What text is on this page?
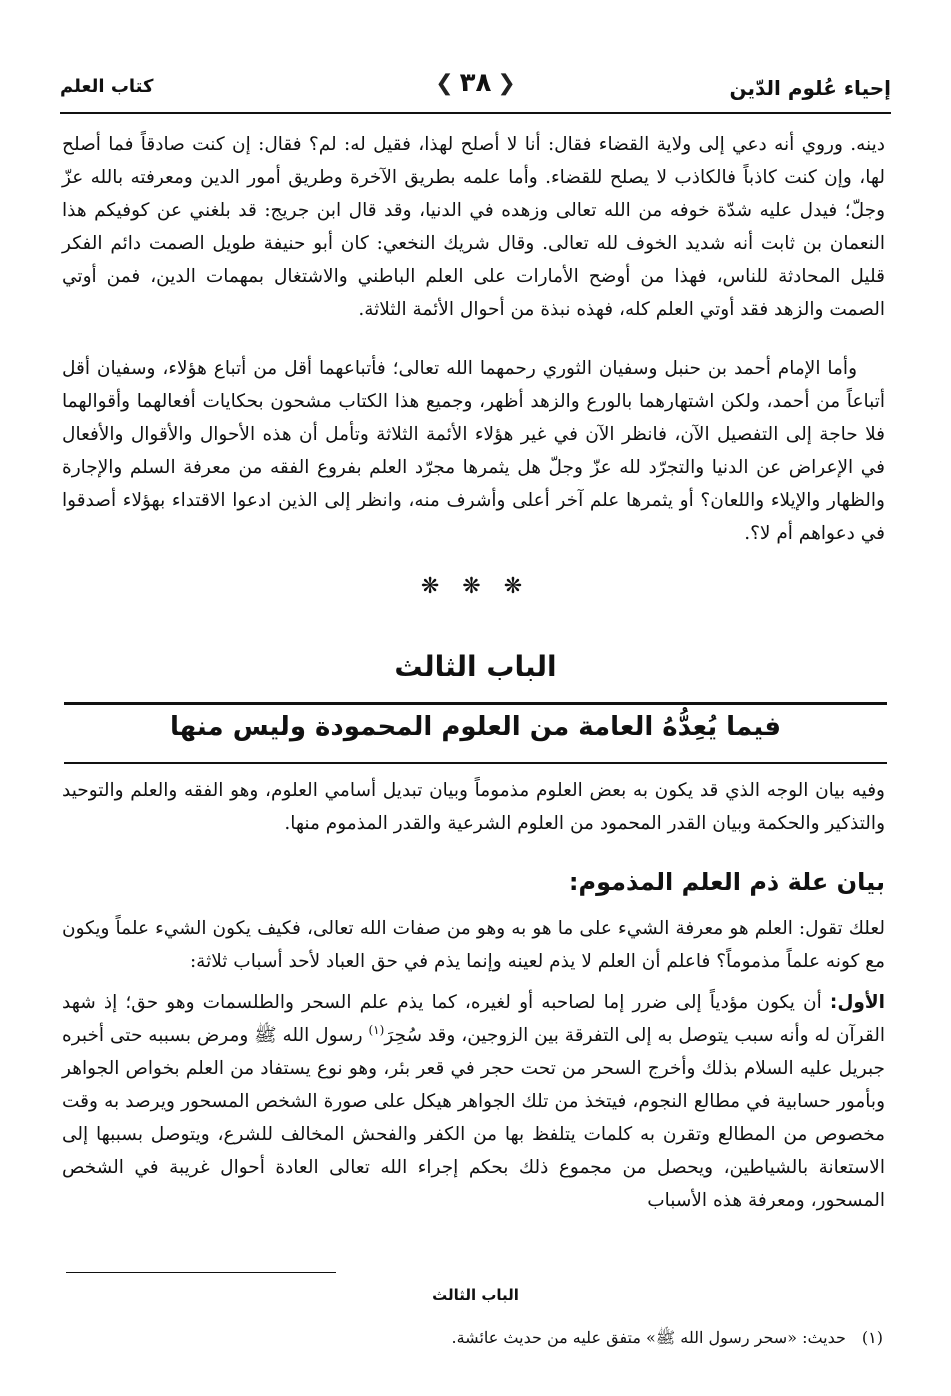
إحياء عُلوم الدّين
❮ ٣٨ ❯
كتاب العلم
دينه. وروي أنه دعي إلى ولاية القضاء فقال: أنا لا أصلح لهذا، فقيل له: لم؟ فقال: إن كنت صادقاً فما أصلح لها، وإن كنت كاذباً فالكاذب لا يصلح للقضاء. وأما علمه بطريق الآخرة وطريق أمور الدين ومعرفته بالله عزّ وجلّ؛ فيدل عليه شدّة خوفه من الله تعالى وزهده في الدنيا، وقد قال ابن جريج: قد بلغني عن كوفيكم هذا النعمان بن ثابت أنه شديد الخوف لله تعالى. وقال شريك النخعي: كان أبو حنيفة طويل الصمت دائم الفكر قليل المحادثة للناس، فهذا من أوضح الأمارات على العلم الباطني والاشتغال بمهمات الدين، فمن أوتي الصمت والزهد فقد أوتي العلم كله، فهذه نبذة من أحوال الأئمة الثلاثة.
وأما الإمام أحمد بن حنبل وسفيان الثوري رحمهما الله تعالى؛ فأتباعهما أقل من أتباع هؤلاء، وسفيان أقل أتباعاً من أحمد، ولكن اشتهارهما بالورع والزهد أظهر، وجميع هذا الكتاب مشحون بحكايات أفعالهما وأقوالهما فلا حاجة إلى التفصيل الآن، فانظر الآن في غير هؤلاء الأئمة الثلاثة وتأمل أن هذه الأحوال والأقوال والأفعال في الإعراض عن الدنيا والتجرّد لله عزّ وجلّ هل يثمرها مجرّد العلم بفروع الفقه من معرفة السلم والإجارة والظهار والإيلاء واللعان؟ أو يثمرها علم آخر أعلى وأشرف منه، وانظر إلى الذين ادعوا الاقتداء بهؤلاء أصدقوا في دعواهم أم لا؟.
❋ ❋ ❋
الباب الثالث
فيما يُعِدُّهُ العامة من العلوم المحمودة وليس منها
وفيه بيان الوجه الذي قد يكون به بعض العلوم مذموماً وبيان تبديل أسامي العلوم، وهو الفقه والعلم والتوحيد والتذكير والحكمة وبيان القدر المحمود من العلوم الشرعية والقدر المذموم منها.
بيان علة ذم العلم المذموم:
لعلك تقول: العلم هو معرفة الشيء على ما هو به وهو من صفات الله تعالى، فكيف يكون الشيء علماً ويكون مع كونه علماً مذموماً؟ فاعلم أن العلم لا يذم لعينه وإنما يذم في حق العباد لأحد أسباب ثلاثة:
الأول: أن يكون مؤدياً إلى ضرر إما لصاحبه أو لغيره، كما يذم علم السحر والطلسمات وهو حق؛ إذ شهد القرآن له وأنه سبب يتوصل به إلى التفرقة بين الزوجين، وقد سُحِرَ$^{(١)}$ رسول الله ﷺ ومرض بسببه حتى أخبره جبريل عليه السلام بذلك وأخرج السحر من تحت حجر في قعر بئر، وهو نوع يستفاد من العلم بخواص الجواهر وبأمور حسابية في مطالع النجوم، فيتخذ من تلك الجواهر هيكل على صورة الشخص المسحور ويرصد به وقت مخصوص من المطالع وتقرن به كلمات يتلفظ بها من الكفر والفحش المخالف للشرع، ويتوصل بسببها إلى الاستعانة بالشياطين، ويحصل من مجموع ذلك بحكم إجراء الله تعالى العادة أحوال غريبة في الشخص المسحور، ومعرفة هذه الأسباب
الباب الثالث
(١)
حديث: «سحر رسول الله ﷺ» متفق عليه من حديث عائشة.
